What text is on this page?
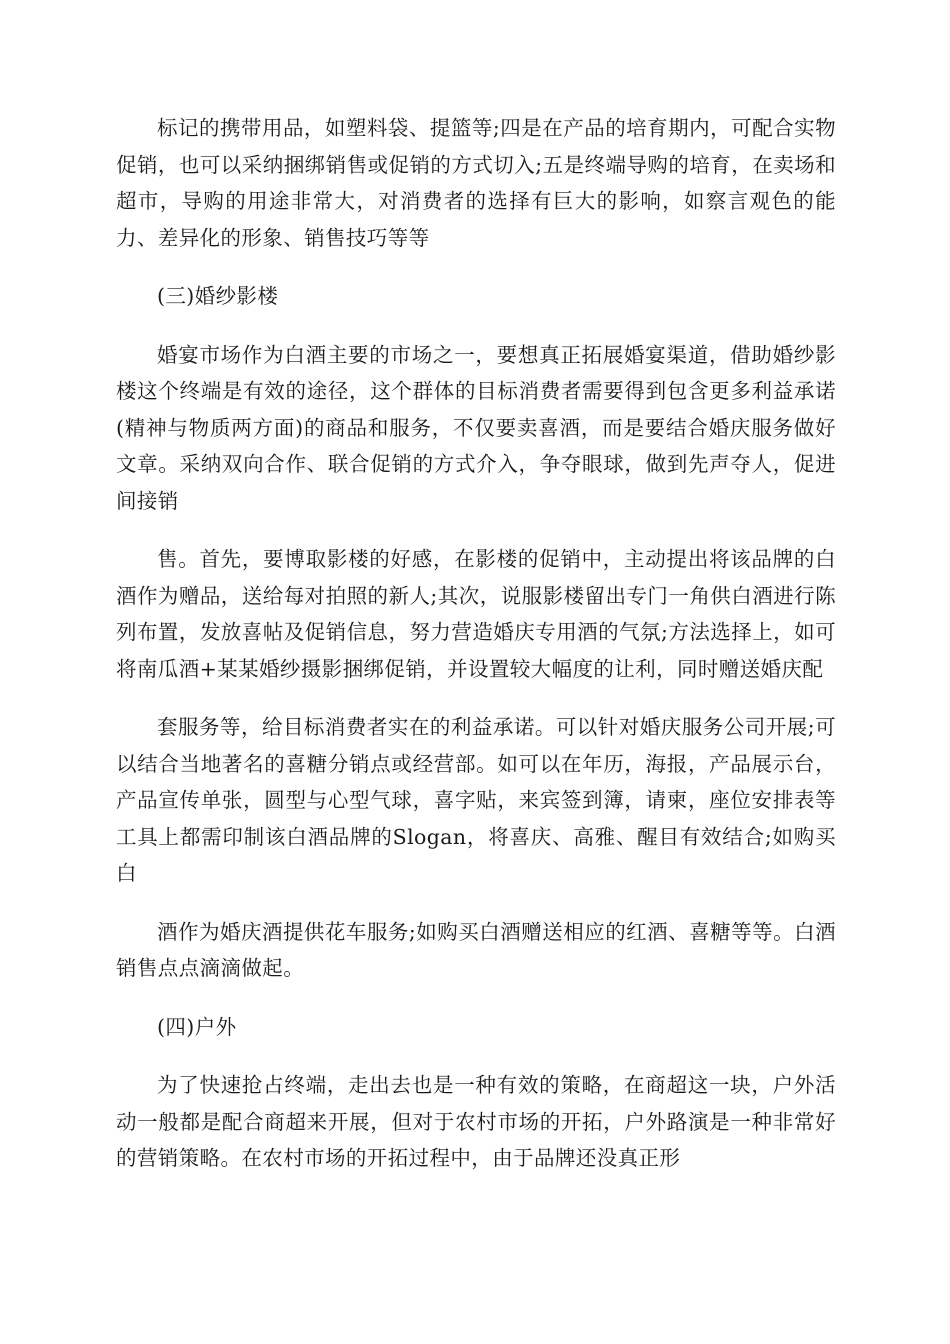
标记的携带用品，如塑料袋、提篮等;四是在产品的培育期内，可配合实物促销，也可以采纳捆绑销售或促销的方式切入;五是终端导购的培育，在卖场和超市，导购的用途非常大，对消费者的选择有巨大的影响，如察言观色的能力、差异化的形象、销售技巧等等

(三)婚纱影楼

婚宴市场作为白酒主要的市场之一，要想真正拓展婚宴渠道，借助婚纱影楼这个终端是有效的途径，这个群体的目标消费者需要得到包含更多利益承诺(精神与物质两方面)的商品和服务，不仅要卖喜酒，而是要结合婚庆服务做好文章。采纳双向合作、联合促销的方式介入，争夺眼球，做到先声夺人，促进间接销

售。首先，要博取影楼的好感，在影楼的促销中，主动提出将该品牌的白酒作为赠品，送给每对拍照的新人;其次，说服影楼留出专门一角供白酒进行陈列布置，发放喜帖及促销信息，努力营造婚庆专用酒的气氛;方法选择上，如可将南瓜酒+某某婚纱摄影捆绑促销，并设置较大幅度的让利，同时赠送婚庆配

套服务等，给目标消费者实在的利益承诺。可以针对婚庆服务公司开展;可以结合当地著名的喜糖分销点或经营部。如可以在年历，海报，产品展示台，产品宣传单张，圆型与心型气球，喜字贴，来宾签到簿，请柬，座位安排表等工具上都需印制该白酒品牌的Slogan，将喜庆、高雅、醒目有效结合;如购买白

酒作为婚庆酒提供花车服务;如购买白酒赠送相应的红酒、喜糖等等。白酒销售点点滴滴做起。

(四)户外

为了快速抢占终端，走出去也是一种有效的策略，在商超这一块，户外活动一般都是配合商超来开展，但对于农村市场的开拓，户外路演是一种非常好的营销策略。在农村市场的开拓过程中，由于品牌还没真正形
